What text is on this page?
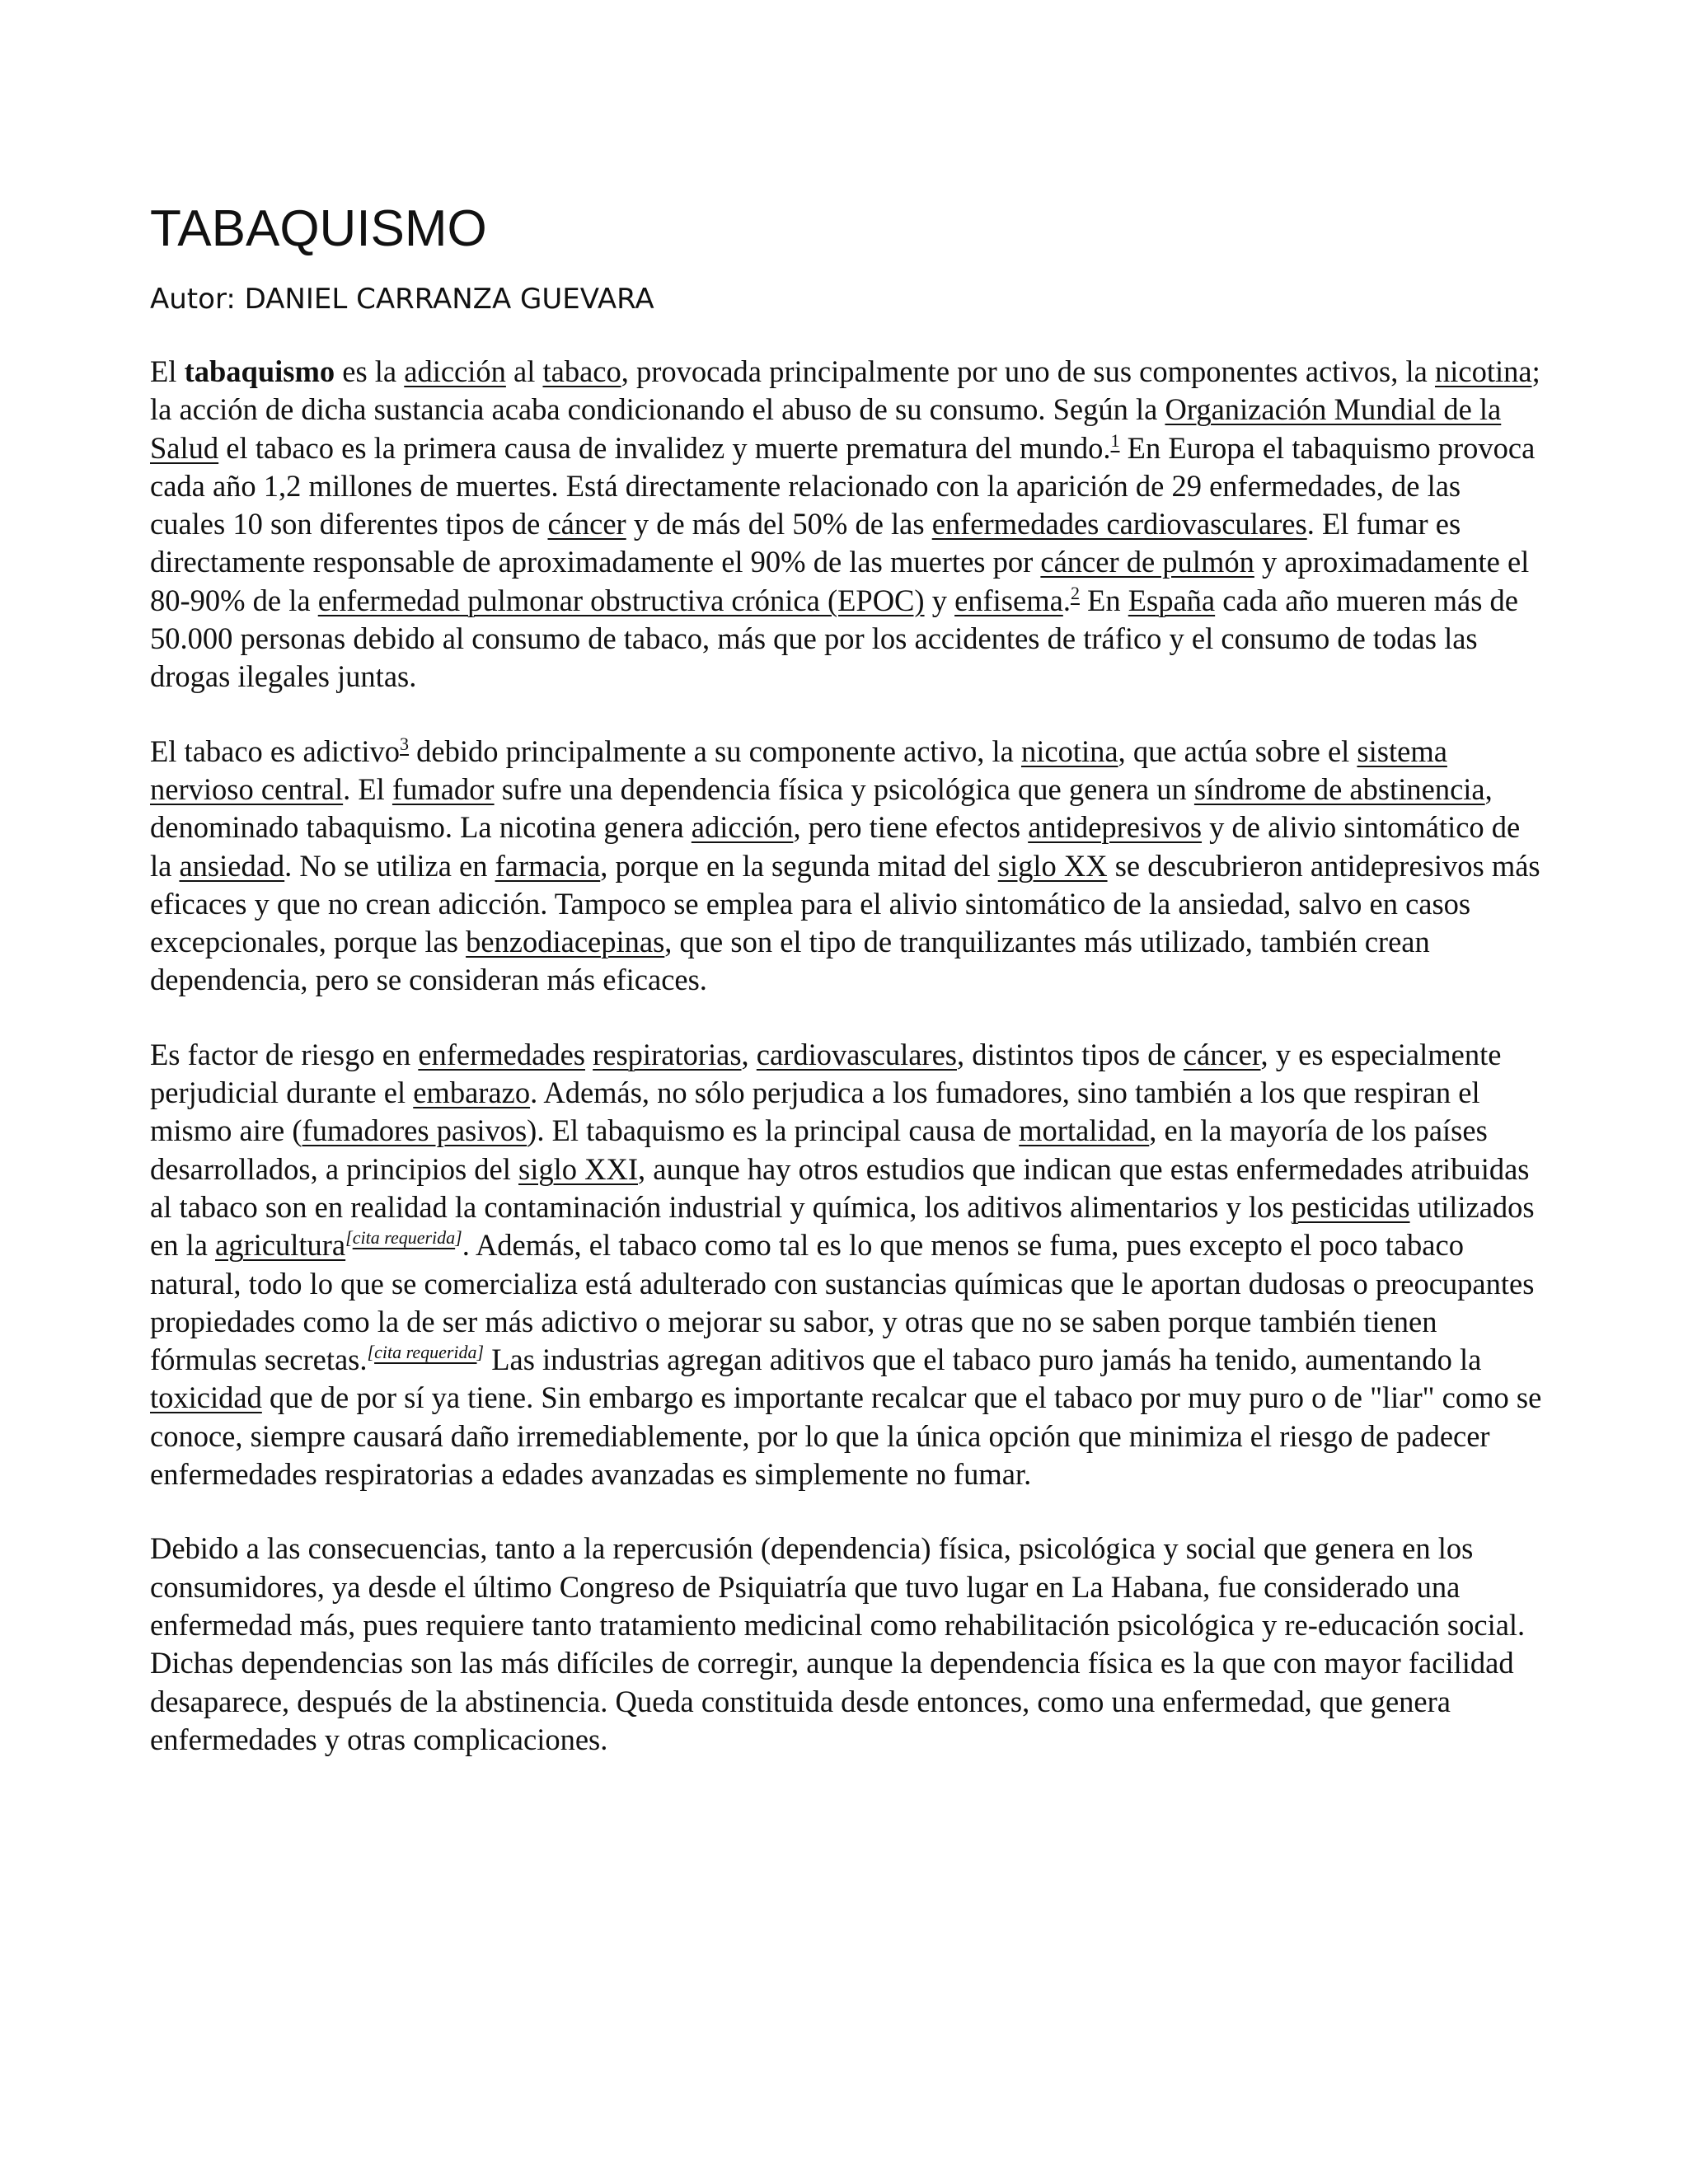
TABAQUISMO
Autor: DANIEL CARRANZA GUEVARA

El tabaquismo es la adicción al tabaco, provocada principalmente por uno de sus componentes activos, la nicotina; la acción de dicha sustancia acaba condicionando el abuso de su consumo. Según la Organización Mundial de la Salud el tabaco es la primera causa de invalidez y muerte prematura del mundo.$^1$ En Europa el tabaquismo provoca cada año 1,2 millones de muertes. Está directamente relacionado con la aparición de 29 enfermedades, de las cuales 10 son diferentes tipos de cáncer y de más del 50% de las enfermedades cardiovasculares. El fumar es directamente responsable de aproximadamente el 90% de las muertes por cáncer de pulmón y aproximadamente el 80-90% de la enfermedad pulmonar obstructiva crónica (EPOC) y enfisema.$^2$ En España cada año mueren más de 50.000 personas debido al consumo de tabaco, más que por los accidentes de tráfico y el consumo de todas las drogas ilegales juntas.

El tabaco es adictivo$^3$ debido principalmente a su componente activo, la nicotina, que actúa sobre el sistema nervioso central. El fumador sufre una dependencia física y psicológica que genera un síndrome de abstinencia, denominado tabaquismo. La nicotina genera adicción, pero tiene efectos antidepresivos y de alivio sintomático de la ansiedad. No se utiliza en farmacia, porque en la segunda mitad del siglo XX se descubrieron antidepresivos más eficaces y que no crean adicción. Tampoco se emplea para el alivio sintomático de la ansiedad, salvo en casos excepcionales, porque las benzodiacepinas, que son el tipo de tranquilizantes más utilizado, también crean dependencia, pero se consideran más eficaces.

Es factor de riesgo en enfermedades respiratorias, cardiovasculares, distintos tipos de cáncer, y es especialmente perjudicial durante el embarazo. Además, no sólo perjudica a los fumadores, sino también a los que respiran el mismo aire (fumadores pasivos). El tabaquismo es la principal causa de mortalidad, en la mayoría de los países desarrollados, a principios del siglo XXI, aunque hay otros estudios que indican que estas enfermedades atribuidas al tabaco son en realidad la contaminación industrial y química, los aditivos alimentarios y los pesticidas utilizados en la agricultura[cita requerida]. Además, el tabaco como tal es lo que menos se fuma, pues excepto el poco tabaco natural, todo lo que se comercializa está adulterado con sustancias químicas que le aportan dudosas o preocupantes propiedades como la de ser más adictivo o mejorar su sabor, y otras que no se saben porque también tienen fórmulas secretas.[cita requerida] Las industrias agregan aditivos que el tabaco puro jamás ha tenido, aumentando la toxicidad que de por sí ya tiene. Sin embargo es importante recalcar que el tabaco por muy puro o de "liar" como se conoce, siempre causará daño irremediablemente, por lo que la única opción que minimiza el riesgo de padecer enfermedades respiratorias a edades avanzadas es simplemente no fumar.

Debido a las consecuencias, tanto a la repercusión (dependencia) física, psicológica y social que genera en los consumidores, ya desde el último Congreso de Psiquiatría que tuvo lugar en La Habana, fue considerado una enfermedad más, pues requiere tanto tratamiento medicinal como rehabilitación psicológica y re-educación social. Dichas dependencias son las más difíciles de corregir, aunque la dependencia física es la que con mayor facilidad desaparece, después de la abstinencia. Queda constituida desde entonces, como una enfermedad, que genera enfermedades y otras complicaciones.
